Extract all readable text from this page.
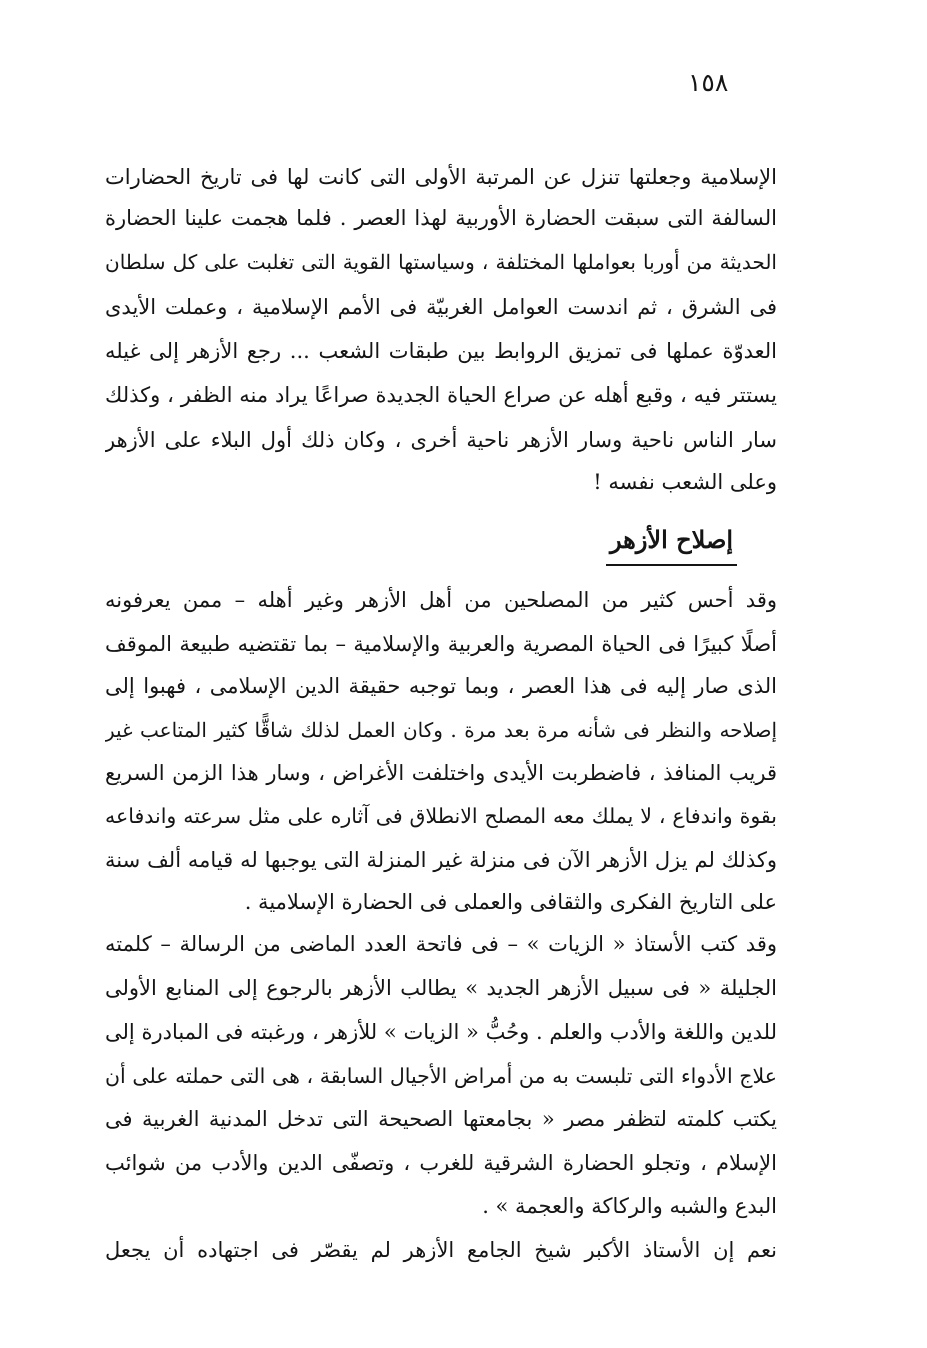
١٥٨
الإسلامية وجعلتها تنزل عن المرتبة الأولى التى كانت لها فى تاريخ الحضارات
السالفة التى سبقت الحضارة الأوربية لهذا العصر . فلما هجمت علينا الحضارة
الحديثة من أوربا بعواملها المختلفة ، وسياستها القوية التى تغلبت على كل سلطان
فى الشرق ، ثم اندست العوامل الغربيّة فى الأمم الإسلامية ، وعملت الأيدى
العدوّة عملها فى تمزيق الروابط بين طبقات الشعب ... رجع الأزهر إلى غيله
يستتر فيه ، وقبع أهله عن صراع الحياة الجديدة صراعًا يراد منه الظفر ، وكذلك
سار الناس ناحية وسار الأزهر ناحية أخرى ، وكان ذلك أول البلاء على الأزهر
وعلى الشعب نفسه !
إصلاح الأزهر
وقد أحس كثير من المصلحين من أهل الأزهر وغير أهله – ممن يعرفونه
أصلًا كبيرًا فى الحياة المصرية والعربية والإسلامية – بما تقتضيه طبيعة الموقف
الذى صار إليه فى هذا العصر ، وبما توجبه حقيقة الدين الإسلامى ، فهبوا إلى
إصلاحه والنظر فى شأنه مرة بعد مرة . وكان العمل لذلك شاقًّا كثير المتاعب غير
قريب المنافذ ، فاضطربت الأيدى واختلفت الأغراض ، وسار هذا الزمن السريع
بقوة واندفاع ، لا يملك معه المصلح الانطلاق فى آثاره على مثل سرعته واندفاعه
وكذلك لم يزل الأزهر الآن فى منزلة غير المنزلة التى يوجبها له قيامه ألف سنة
على التاريخ الفكرى والثقافى والعملى فى الحضارة الإسلامية .
وقد كتب الأستاذ « الزيات » – فى فاتحة العدد الماضى من الرسالة – كلمته
الجليلة « فى سبيل الأزهر الجديد » يطالب الأزهر بالرجوع إلى المنابع الأولى
للدين واللغة والأدب والعلم . وحُبُّ « الزيات » للأزهر ، ورغبته فى المبادرة إلى
علاج الأدواء التى تلبست به من أمراض الأجيال السابقة ، هى التى حملته على أن
يكتب كلمته لتظفر مصر « بجامعتها الصحيحة التى تدخل المدنية الغربية فى
الإسلام ، وتجلو الحضارة الشرقية للغرب ، وتصفّى الدين والأدب من شوائب
البدع والشبه والركاكة والعجمة » .
نعم إن الأستاذ الأكبر شيخ الجامع الأزهر لم يقصّر فى اجتهاده أن يجعل
